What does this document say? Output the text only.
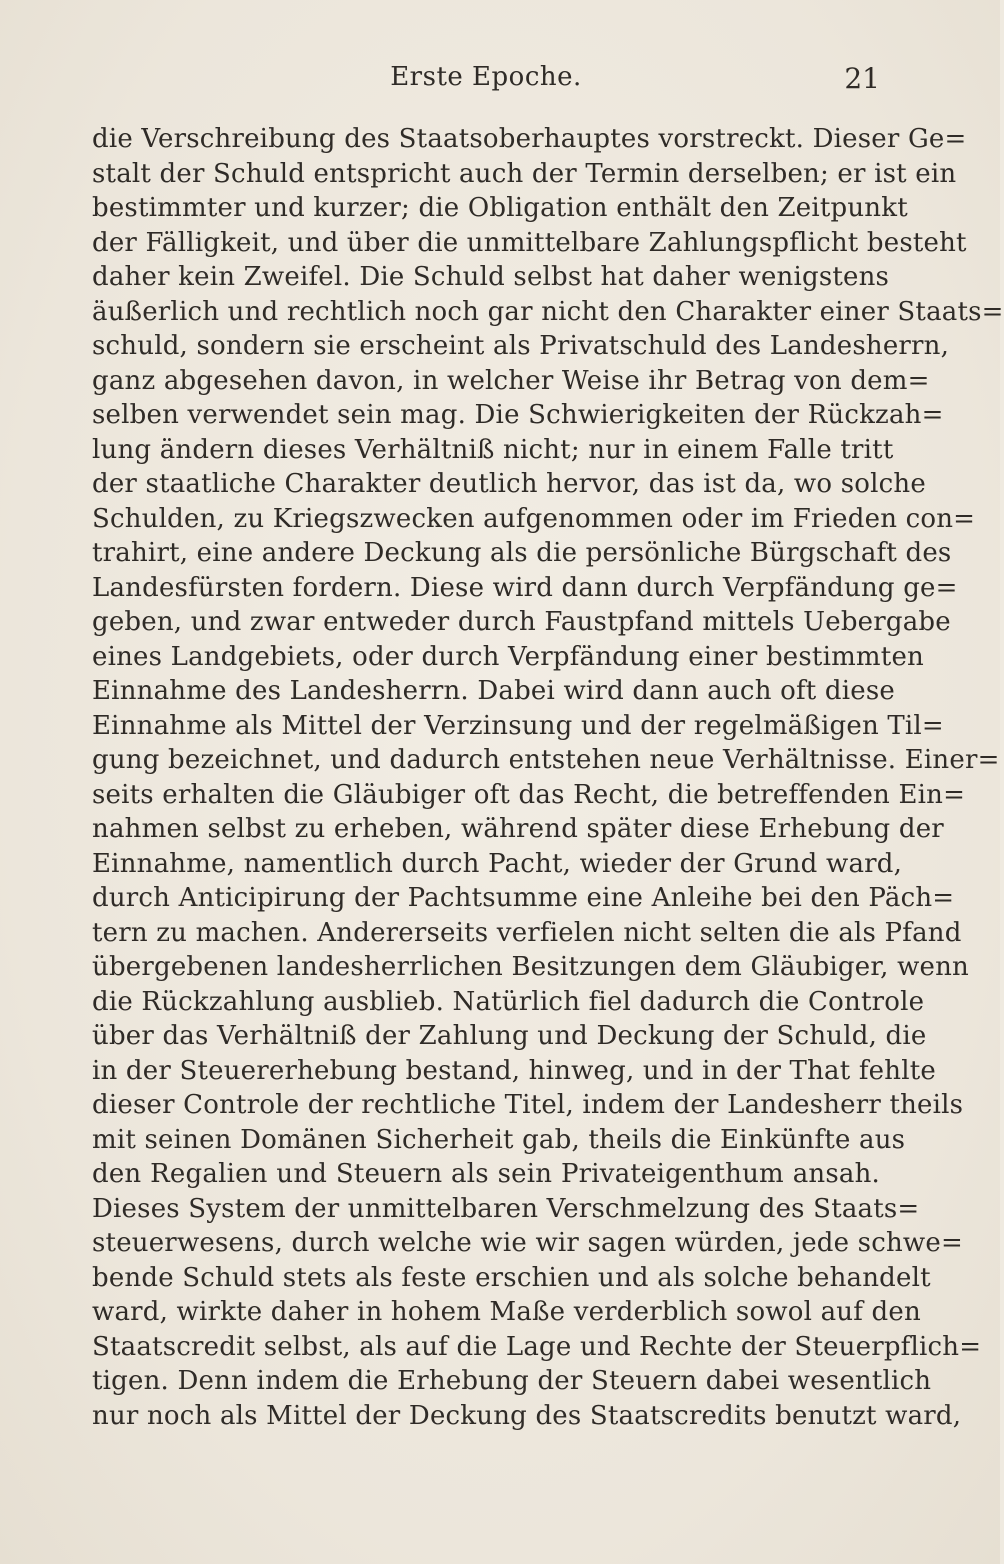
Erste Epoche.	21
die Verschreibung des Staatsoberhauptes vorstreckt. Dieser Ge=
stalt der Schuld entspricht auch der Termin derselben; er ist ein
bestimmter und kurzer; die Obligation enthält den Zeitpunkt
der Fälligkeit, und über die unmittelbare Zahlungspflicht besteht
daher kein Zweifel. Die Schuld selbst hat daher wenigstens
äußerlich und rechtlich noch gar nicht den Charakter einer Staats=
schuld, sondern sie erscheint als Privatschuld des Landesherrn,
ganz abgesehen davon, in welcher Weise ihr Betrag von dem=
selben verwendet sein mag. Die Schwierigkeiten der Rückzah=
lung ändern dieses Verhältniß nicht; nur in einem Falle tritt
der staatliche Charakter deutlich hervor, das ist da, wo solche
Schulden, zu Kriegszwecken aufgenommen oder im Frieden con=
trahirt, eine andere Deckung als die persönliche Bürgschaft des
Landesfürsten fordern. Diese wird dann durch Verpfändung ge=
geben, und zwar entweder durch Faustpfand mittels Uebergabe
eines Landgebiets, oder durch Verpfändung einer bestimmten
Einnahme des Landesherrn. Dabei wird dann auch oft diese
Einnahme als Mittel der Verzinsung und der regelmäßigen Til=
gung bezeichnet, und dadurch entstehen neue Verhältnisse. Einer=
seits erhalten die Gläubiger oft das Recht, die betreffenden Ein=
nahmen selbst zu erheben, während später diese Erhebung der
Einnahme, namentlich durch Pacht, wieder der Grund ward,
durch Anticipirung der Pachtsumme eine Anleihe bei den Päch=
tern zu machen. Andererseits verfielen nicht selten die als Pfand
übergebenen landesherrlichen Besitzungen dem Gläubiger, wenn
die Rückzahlung ausblieb. Natürlich fiel dadurch die Controle
über das Verhältniß der Zahlung und Deckung der Schuld, die
in der Steuererhebung bestand, hinweg, und in der That fehlte
dieser Controle der rechtliche Titel, indem der Landesherr theils
mit seinen Domänen Sicherheit gab, theils die Einkünfte aus
den Regalien und Steuern als sein Privateigenthum ansah.
Dieses System der unmittelbaren Verschmelzung des Staats=
steuerwesens, durch welche wie wir sagen würden, jede schwe=
bende Schuld stets als feste erschien und als solche behandelt
ward, wirkte daher in hohem Maße verderblich sowol auf den
Staatscredit selbst, als auf die Lage und Rechte der Steuerpflich=
tigen. Denn indem die Erhebung der Steuern dabei wesentlich
nur noch als Mittel der Deckung des Staatscredits benutzt ward,
